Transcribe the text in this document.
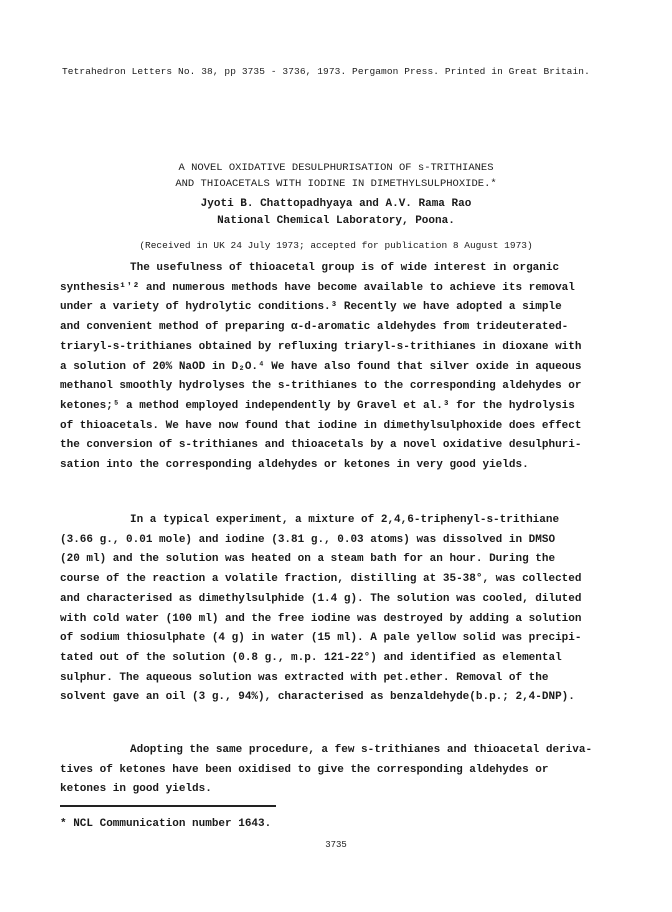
Tetrahedron Letters No. 38, pp 3735 - 3736, 1973. Pergamon Press. Printed in Great Britain.
A NOVEL OXIDATIVE DESULPHURISATION OF s-TRITHIANES
AND THIOACETALS WITH IODINE IN DIMETHYLSULPHOXIDE.*
Jyoti B. Chattopadhyaya and A.V. Rama Rao
National Chemical Laboratory, Poona.
(Received in UK 24 July 1973; accepted for publication 8 August 1973)
The usefulness of thioacetal group is of wide interest in organic
synthesis¹ʼ² and numerous methods have become available to achieve its removal
under a variety of hydrolytic conditions.³ Recently we have adopted a simple
and convenient method of preparing α-d-aromatic aldehydes from trideuterated-
triaryl-s-trithianes obtained by refluxing triaryl-s-trithianes in dioxane with
a solution of 20% NaOD in D₂O.⁴ We have also found that silver oxide in aqueous
methanol smoothly hydrolyses the s-trithianes to the corresponding aldehydes or
ketones;⁵ a method employed independently by Gravel et al.³ for the hydrolysis
of thioacetals. We have now found that iodine in dimethylsulphoxide does effect
the conversion of s-trithianes and thioacetals by a novel oxidative desulphuri-
sation into the corresponding aldehydes or ketones in very good yields.
In a typical experiment, a mixture of 2,4,6-triphenyl-s-trithiane
(3.66 g., 0.01 mole) and iodine (3.81 g., 0.03 atoms) was dissolved in DMSO
(20 ml) and the solution was heated on a steam bath for an hour. During the
course of the reaction a volatile fraction, distilling at 35-38°, was collected
and characterised as dimethylsulphide (1.4 g). The solution was cooled, diluted
with cold water (100 ml) and the free iodine was destroyed by adding a solution
of sodium thiosulphate (4 g) in water (15 ml). A pale yellow solid was precipi-
tated out of the solution (0.8 g., m.p. 121-22°) and identified as elemental
sulphur. The aqueous solution was extracted with pet.ether. Removal of the
solvent gave an oil (3 g., 94%), characterised as benzaldehyde(b.p.; 2,4-DNP).
Adopting the same procedure, a few s-trithianes and thioacetal deriva-
tives of ketones have been oxidised to give the corresponding aldehydes or
ketones in good yields.
* NCL Communication number 1643.
3735
